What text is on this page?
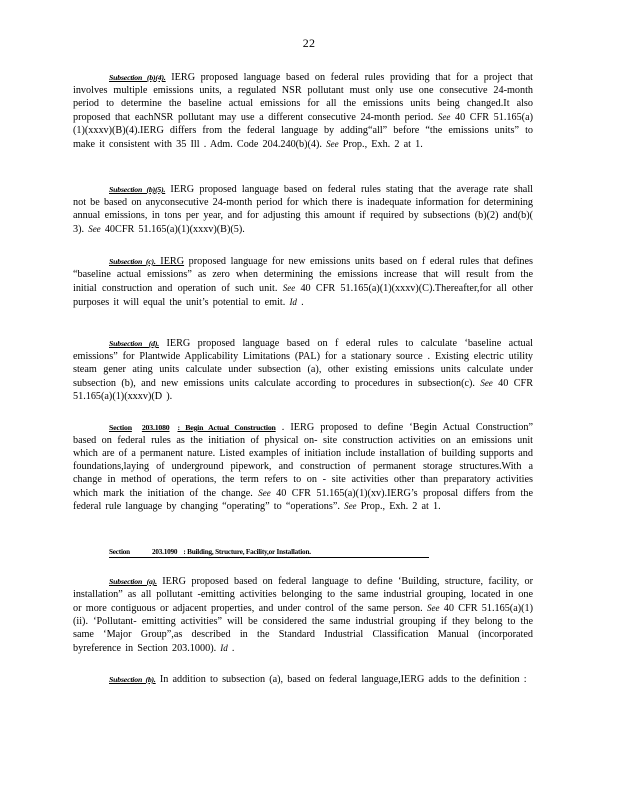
22

Subsection (b)(4). IERG proposed language based on federal rules providing that for a project that involves multiple emissions units, a regulated NSR pollutant must only use one consecutive 24-month period to determine the baseline actual emissions for all the emissions units being changed.It also proposed that eachNSR pollutant may use a different consecutive 24-month period. See 40 CFR 51.165(a)(1)(xxxv)(B)(4).IERG differs from the federal language by adding“all” before “the emissions units” to make it consistent with 35 Ill . Adm. Code 204.240(b)(4). See Prop., Exh. 2 at 1.

Subsection (b)(5). IERG proposed language based on federal rules stating that the average rate shall not be based on anyconsecutive 24-month period for which there is inadequate information for determining annual emissions, in tons per year, and for adjusting this amount if required by subsections (b)(2) and(b)( 3). See 40CFR 51.165(a)(1)(xxxv)(B)(5).

Subsection (c). IERG proposed language for new emissions units based on f ederal rules that defines “baseline actual emissions” as zero when determining the emissions increase that will result from the initial construction and operation of such unit. See 40 CFR 51.165(a)(1)(xxxv)(C).Thereafter,for all other purposes it will equal the unit’s potential to emit. Id .

Subsection (d). IERG proposed language based on f ederal rules to calculate ‘baseline actual emissions” for Plantwide Applicability Limitations (PAL) for a stationary source . Existing electric utility steam gener ating units calculate under subsection (a), other existing emissions units calculate under subsection (b), and new emissions units calculate according to procedures in subsection(c). See 40 CFR 51.165(a)(1)(xxxv)(D ).

Section 203.1080 : Begin Actual Construction . IERG proposed to define ‘Begin Actual Construction” based on federal rules as the initiation of physical on- site construction activities on an emissions unit which are of a permanent nature. Listed examples of initiation include installation of building supports and foundations,laying of underground pipework, and construction of permanent storage structures.With a change in method of operations, the term refers to on - site activities other than preparatory activities which mark the initiation of the change. See 40 CFR 51.165(a)(1)(xv).IERG’s proposal differs from the federal rule language by changing “operating” to “operations”. See Prop., Exh. 2 at 1.

Section	203.1090 : Building, Structure, Facility,or Installation.

Subsection (a). IERG proposed based on federal language to define ‘Building, structure, facility, or installation” as all pollutant -emitting activities belonging to the same industrial grouping, located in one or more contiguous or adjacent properties, and under control of the same person. See 40 CFR 51.165(a)(1)(ii). ‘Pollutant- emitting activities” will be considered the same industrial grouping if they belong to the same ‘Major Group”,as described in the Standard Industrial Classification Manual (incorporated byreference in Section 203.1000). Id .

Subsection (b). In addition to subsection (a), based on federal language,IERG adds to the definition :
